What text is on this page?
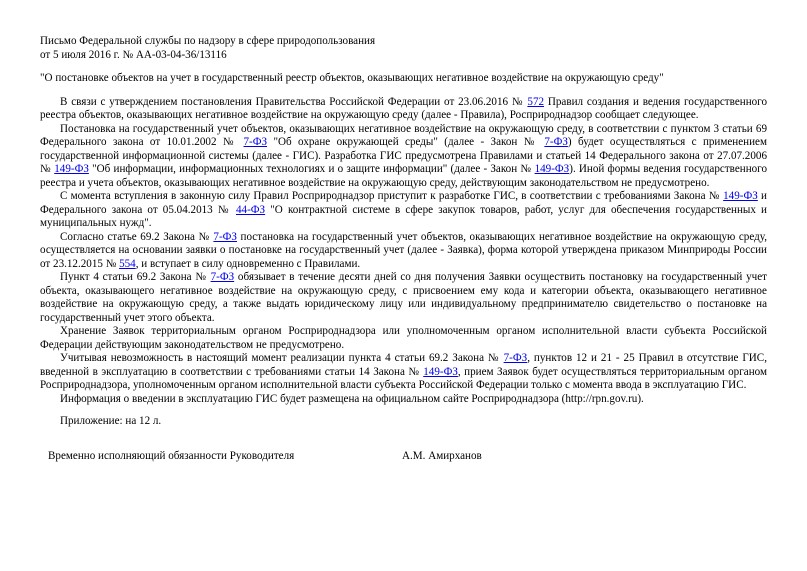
Письмо Федеральной службы по надзору в сфере природопользования
от 5 июля 2016 г. № АА-03-04-36/13116
"О постановке объектов на учет в государственный реестр объектов, оказывающих негативное воздействие на окружающую среду"

В связи с утверждением постановления Правительства Российской Федерации от 23.06.2016 № 572 Правил создания и ведения государственного реестра объектов, оказывающих негативное воздействие на окружающую среду (далее - Правила), Росприроднадзор сообщает следующее.

Постановка на государственный учет объектов, оказывающих негативное воздействие на окружающую среду, в соответствии с пунктом 3 статьи 69 Федерального закона от 10.01.2002 № 7-ФЗ "Об охране окружающей среды" (далее - Закон № 7-ФЗ) будет осуществляться с применением государственной информационной системы (далее - ГИС). Разработка ГИС предусмотрена Правилами и статьей 14 Федерального закона от 27.07.2006 № 149-ФЗ "Об информации, информационных технологиях и о защите информации" (далее - Закон № 149-ФЗ). Иной формы ведения государственного реестра и учета объектов, оказывающих негативное воздействие на окружающую среду, действующим законодательством не предусмотрено.

С момента вступления в законную силу Правил Росприроднадзор приступит к разработке ГИС, в соответствии с требованиями Закона № 149-ФЗ и Федерального закона от 05.04.2013 № 44-ФЗ "О контрактной системе в сфере закупок товаров, работ, услуг для обеспечения государственных и муниципальных нужд".

Согласно статье 69.2 Закона № 7-ФЗ постановка на государственный учет объектов, оказывающих негативное воздействие на окружающую среду, осуществляется на основании заявки о постановке на государственный учет (далее - Заявка), форма которой утверждена приказом Минприроды России от 23.12.2015 № 554, и вступает в силу одновременно с Правилами.

Пункт 4 статьи 69.2 Закона № 7-ФЗ обязывает в течение десяти дней со дня получения Заявки осуществить постановку на государственный учет объекта, оказывающего негативное воздействие на окружающую среду, с присвоением ему кода и категории объекта, оказывающего негативное воздействие на окружающую среду, а также выдать юридическому лицу или индивидуальному предпринимателю свидетельство о постановке на государственный учет этого объекта.

Хранение Заявок территориальным органом Росприроднадзора или уполномоченным органом исполнительной власти субъекта Российской Федерации действующим законодательством не предусмотрено.

Учитывая невозможность в настоящий момент реализации пункта 4 статьи 69.2 Закона № 7-ФЗ, пунктов 12 и 21 - 25 Правил в отсутствие ГИС, введенной в эксплуатацию в соответствии с требованиями статьи 14 Закона № 149-ФЗ, прием Заявок будет осуществляться территориальным органом Росприроднадзора, уполномоченным органом исполнительной власти субъекта Российской Федерации только с момента ввода в эксплуатацию ГИС.

Информация о введении в эксплуатацию ГИС будет размещена на официальном сайте Росприроднадзора (http://rpn.gov.ru).

Приложение: на 12 л.
Временно исполняющий обязанности Руководителя	А.М. Амирханов
